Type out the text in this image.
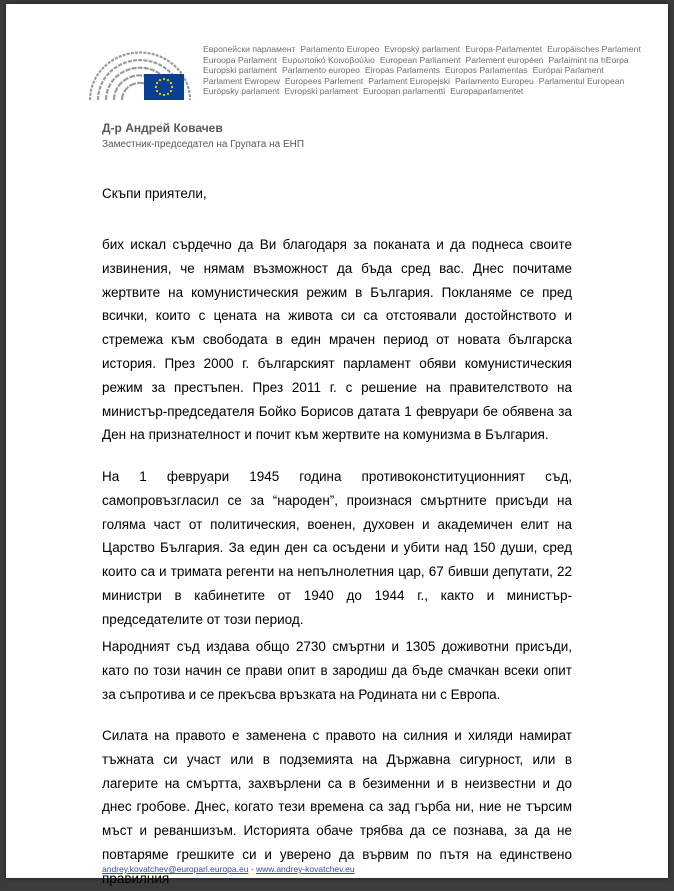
Европейски парламент Parlamento Europeo Evropský parlament Europa-Parlamentet Europäisches Parlament
Euroopa Parlament Ευρωπαϊκό Κοινοβούλιο European Parliament Parlement européen Parlaimint na hEorpa
Europski parlament Parlamento europeo Eiropas Parlaments Europos Parlamentas Európai Parlament
Parlament Ewropew Europees Parlement Parlament Europejski Parlamento Europeu Parlamentul European
Európsky parlament Evropski parlament Euroopan parlamentti Europaparlamentet
Д-р Андрей Ковачев
Заместник-председател на Групата на ЕНП
Скъпи приятели,
бих искал сърдечно да Ви благодаря за поканата и да поднеса своите извинения, че нямам възможност да бъда сред вас. Днес почитаме жертвите на комунистическия режим в България. Покланяме се пред всички, които с цената на живота си са отстоявали достойнството и стремежа към свободата в един мрачен период от новата българска история. През 2000 г. българският парламент обяви комунистическия режим за престъпен. През 2011 г. с решение на правителството на министър-председателя Бойко Борисов датата 1 февруари бе обявена за Ден на признателност и почит към жертвите на комунизма в България.
На 1 февруари 1945 година противоконституционният съд, самопровъзгласил се за “народен”, произнася смъртните присъди на голяма част от политическия, военен, духовен и академичен елит на Царство България. За един ден са осъдени и убити над 150 души, сред които са и тримата регенти на непълнолетния цар, 67 бивши депутати, 22 министри в кабинетите от 1940 до 1944 г., както и министър-председателите от този период.
Народният съд издава общо 2730 смъртни и 1305 доживотни присъди, като по този начин се прави опит в зародиш да бъде смачкан всеки опит за съпротива и се прекъсва връзката на Родината ни с Европа.
Силата на правото е заменена с правото на силния и хиляди намират тъжната си участ или в подземията на Държавна сигурност, или в лагерите на смъртта, захвърлени са в безименни и в неизвестни и до днес гробове. Днес, когато тези времена са зад гърба ни, ние не търсим мъст и реваншизъм. Историята обаче трябва да се познава, за да не повтаряме грешките си и уверено да вървим по пътя на единствено правилния
andrey.kovatchev@europarl.europa.eu - www.andrey-kovatchev.eu
